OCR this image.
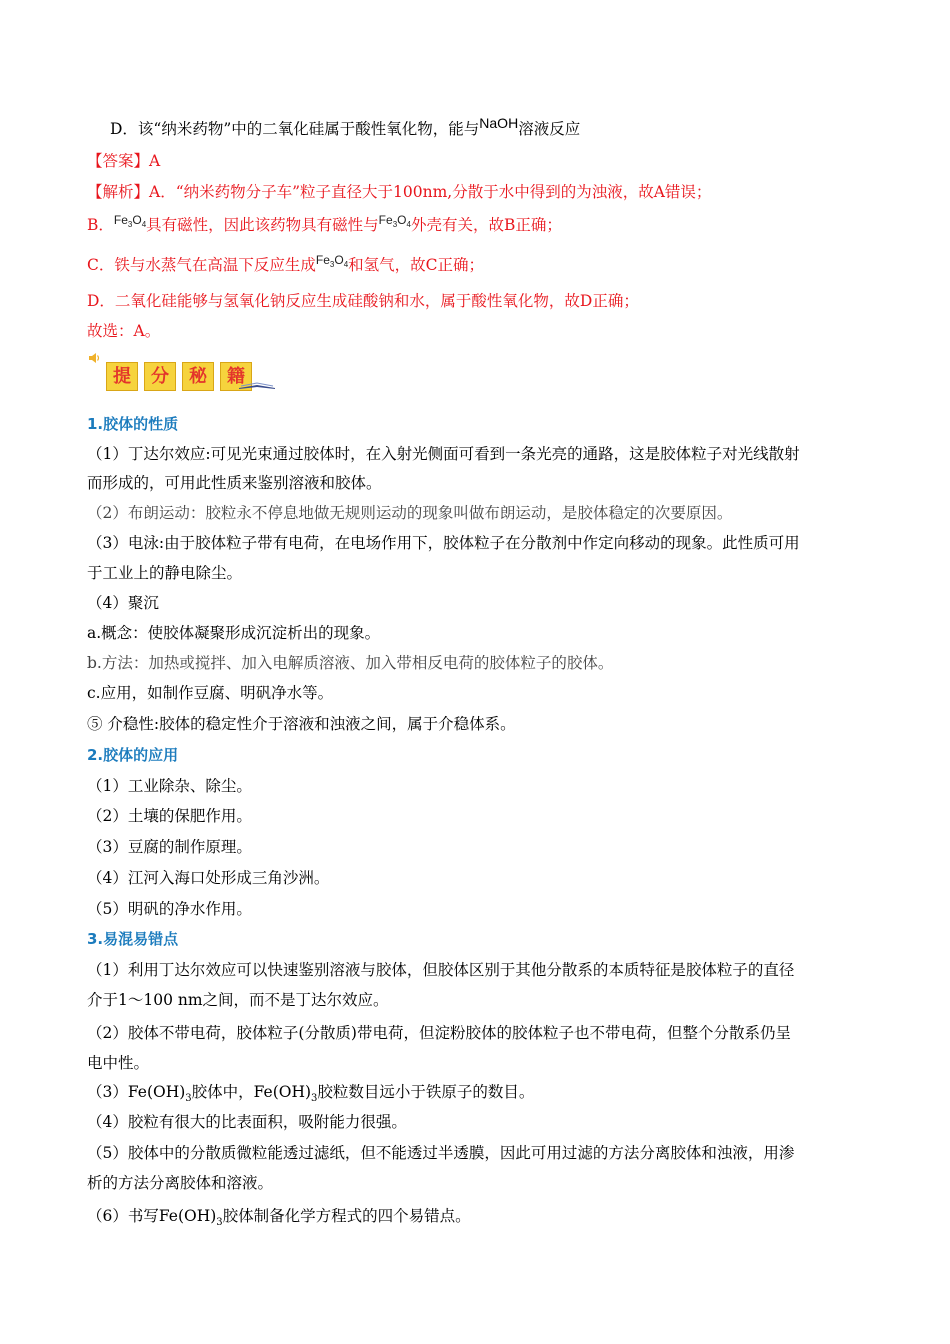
D．该“纳米药物”中的二氧化硅属于酸性氧化物，能与NaOH溶液反应
【答案】A
【解析】A．“纳米药物分子车”粒子直径大于100nm,分散于水中得到的为浊液，故A错误；
B．$^{Fe_3O_4}$具有磁性，因此该药物具有磁性与$^{Fe_3O_4}$外壳有关，故B正确；
C．铁与水蒸气在高温下反应生成$^{Fe_3O_4}$和氢气，故C正确；
D．二氧化硅能够与氢氧化钠反应生成硅酸钠和水，属于酸性氧化物，故D正确；
故选：A。
提	分	秘	籍
1.胶体的性质
（1）丁达尔效应:可见光束通过胶体时，在入射光侧面可看到一条光亮的通路，这是胶体粒子对光线散射
而形成的，可用此性质来鉴别溶液和胶体。
（2）布朗运动：胶粒永不停息地做无规则运动的现象叫做布朗运动，是胶体稳定的次要原因。
（3）电泳:由于胶体粒子带有电荷，在电场作用下，胶体粒子在分散剂中作定向移动的现象。此性质可用
于工业上的静电除尘。
（4）聚沉
a.概念：使胶体凝聚形成沉淀析出的现象。
b.方法：加热或搅拌、加入电解质溶液、加入带相反电荷的胶体粒子的胶体。
c.应用，如制作豆腐、明矾净水等。
⑤ 介稳性:胶体的稳定性介于溶液和浊液之间，属于介稳体系。
2.胶体的应用
（1）工业除杂、除尘。
（2）土壤的保肥作用。
（3）豆腐的制作原理。
（4）江河入海口处形成三角沙洲。
（5）明矾的净水作用。
3.易混易错点
（1）利用丁达尔效应可以快速鉴别溶液与胶体，但胶体区别于其他分散系的本质特征是胶体粒子的直径
介于1～100 nm之间，而不是丁达尔效应。
（2）胶体不带电荷，胶体粒子(分散质)带电荷，但淀粉胶体的胶体粒子也不带电荷，但整个分散系仍呈
电中性。
$(3)Fe(OH)_3$胶体中，$Fe(OH)_3$胶粒数目远小于铁原子的数目。
（4）胶粒有很大的比表面积，吸附能力很强。
（5）胶体中的分散质微粒能透过滤纸，但不能透过半透膜，因此可用过滤的方法分离胶体和浊液，用渗
析的方法分离胶体和溶液。
（6）书写$Fe(OH)_3$胶体制备化学方程式的四个易错点。
